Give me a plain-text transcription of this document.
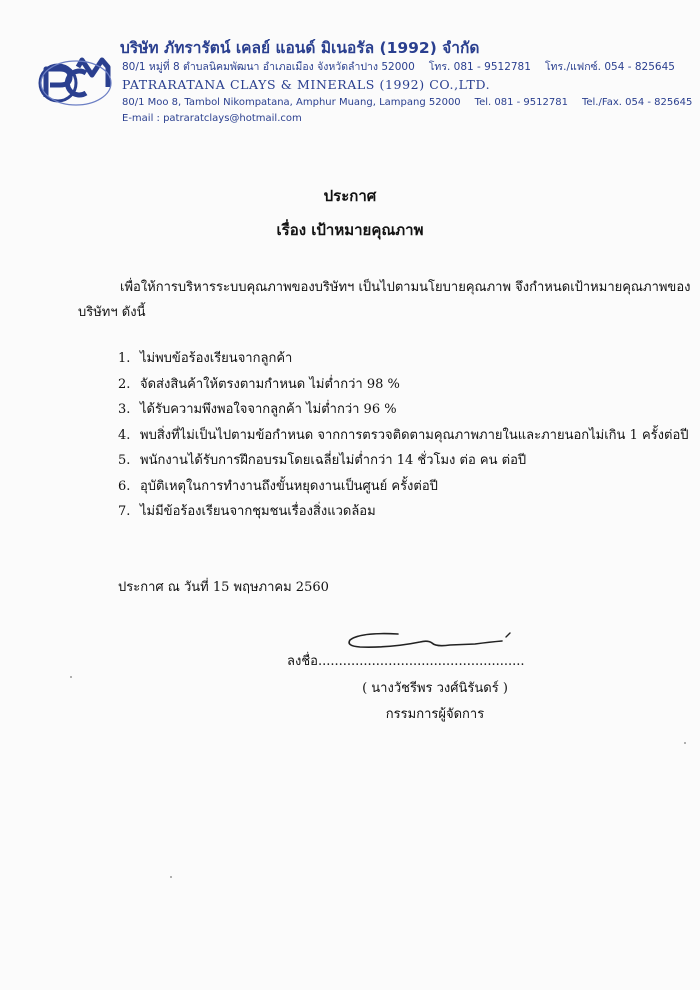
บริษัท ภัทรารัตน์ เคลย์ แอนด์ มิเนอรัล (1992) จำกัด
80/1 หมู่ที่ 8 ตำบลนิคมพัฒนา อำเภอเมือง จังหวัดลำปาง 52000 โทร. 081 - 9512781 โทร./แฟกซ์. 054 - 825645
PATRARATANA CLAYS & MINERALS (1992) CO.,LTD.
80/1 Moo 8, Tambol Nikompatana, Amphur Muang, Lampang 52000 Tel. 081 - 9512781 Tel./Fax. 054 - 825645
E-mail : patraratclays@hotmail.com
ประกาศ
เรื่อง เป้าหมายคุณภาพ
เพื่อให้การบริหารระบบคุณภาพของบริษัทฯ เป็นไปตามนโยบายคุณภาพ จึงกำหนดเป้าหมายคุณภาพของ
บริษัทฯ ดังนี้
1. ไม่พบข้อร้องเรียนจากลูกค้า
2. จัดส่งสินค้าให้ตรงตามกำหนด ไม่ต่ำกว่า 98 %
3. ได้รับความพึงพอใจจากลูกค้า ไม่ต่ำกว่า 96 %
4. พบสิ่งที่ไม่เป็นไปตามข้อกำหนด จากการตรวจติดตามคุณภาพภายในและภายนอกไม่เกิน 1 ครั้งต่อปี
5. พนักงานได้รับการฝึกอบรมโดยเฉลี่ยไม่ต่ำกว่า 14 ชั่วโมง ต่อ คน ต่อปี
6. อุบัติเหตุในการทำงานถึงขั้นหยุดงานเป็นศูนย์ ครั้งต่อปี
7. ไม่มีข้อร้องเรียนจากชุมชนเรื่องสิ่งแวดล้อม
ประกาศ ณ วันที่ 15 พฤษภาคม 2560
ลงชื่อ..................................................
( นางวัชรีพร วงศ์นิรันดร์ )
กรรมการผู้จัดการ
